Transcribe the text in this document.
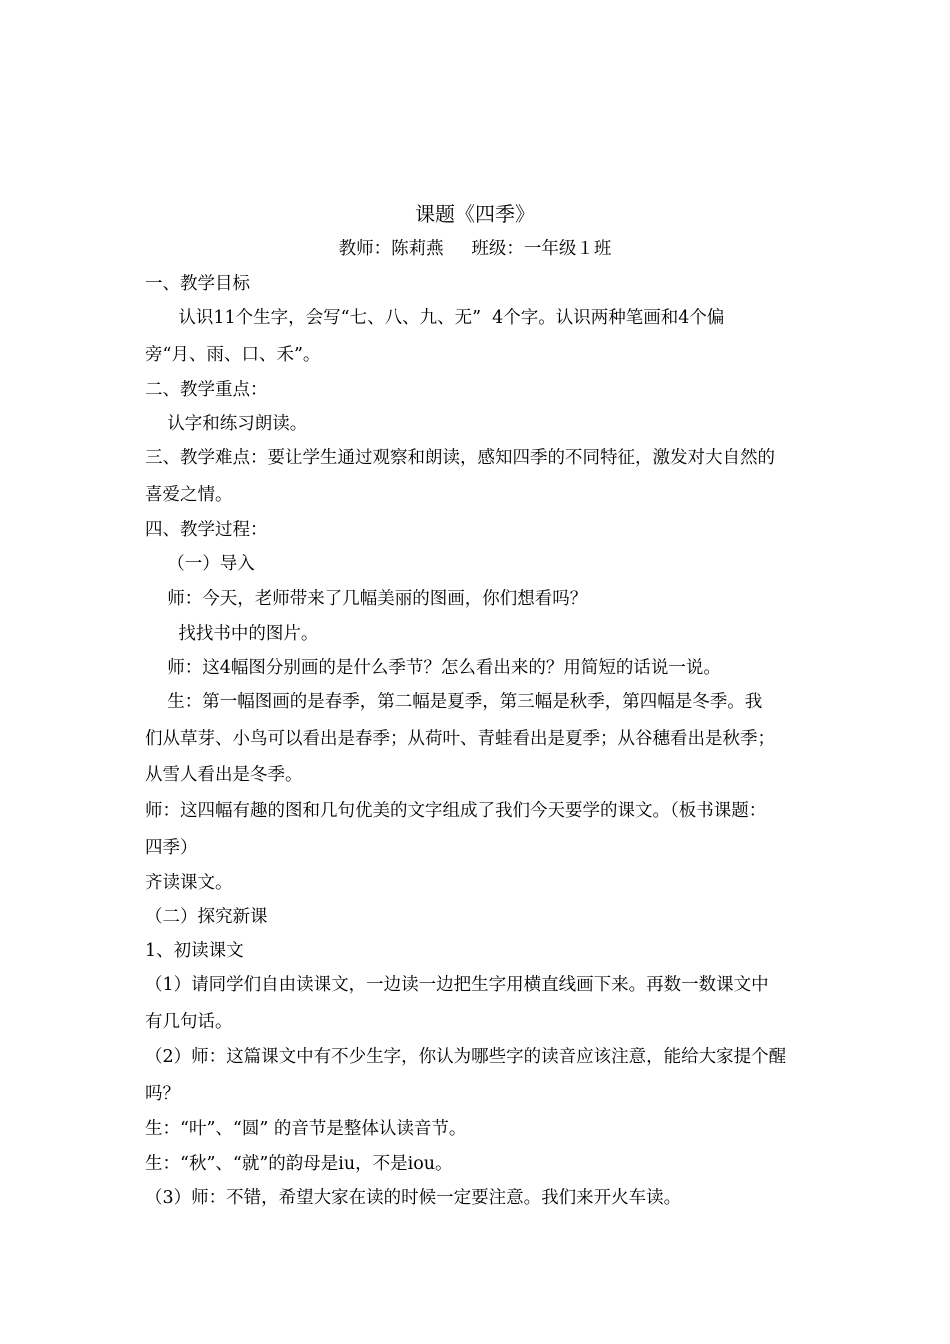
课题《四季》
教师：陈莉燕     班级：一年级１班
一、教学目标
认识11个生字，会写“七、八、九、无”  4个字。认识两种笔画和4个偏
旁“月、雨、口、禾”。
二、教学重点：
认字和练习朗读。
三、教学难点：要让学生通过观察和朗读，感知四季的不同特征，激发对大自然的
喜爱之情。
四、教学过程：
（一）导入
师：今天，老师带来了几幅美丽的图画，你们想看吗？
找找书中的图片。
师：这4幅图分别画的是什么季节？怎么看出来的？用简短的话说一说。
生：第一幅图画的是春季，第二幅是夏季，第三幅是秋季，第四幅是冬季。我
们从草芽、小鸟可以看出是春季；从荷叶、青蛙看出是夏季；从谷穗看出是秋季；
从雪人看出是冬季。
师：这四幅有趣的图和几句优美的文字组成了我们今天要学的课文。（板书课题：
四季）
齐读课文。
（二）探究新课
1、初读课文
（1）请同学们自由读课文，一边读一边把生字用横直线画下来。再数一数课文中
有几句话。
（2）师：这篇课文中有不少生字，你认为哪些字的读音应该注意，能给大家提个醒
吗？
生：“叶”、“圆” 的音节是整体认读音节。
生：“秋”、“就”的韵母是iu，不是iou。
（3）师：不错，希望大家在读的时候一定要注意。我们来开火车读。
